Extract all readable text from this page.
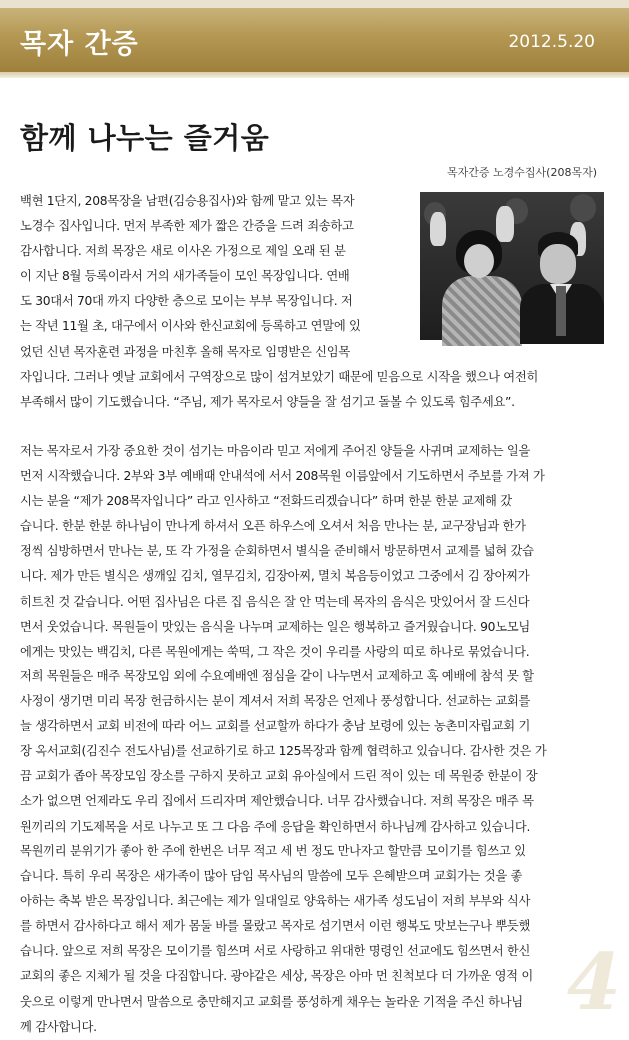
목자 간증	2012.5.20
함께 나누는 즐거움
목자간증 노경수집사(208목자)
백현 1단지, 208목장을 남편(김승용집사)와 함께 맡고 있는 목자
노경수 집사입니다. 먼저 부족한 제가 짧은 간증을 드려 죄송하고
감사합니다. 저희 목장은 새로 이사온 가정으로 제일 오래 된 분
이 지난 8월 등록이라서 거의 새가족들이 모인 목장입니다. 연배
도 30대서 70대 까지 다양한 층으로 모이는 부부 목장입니다. 저
는 작년 11월 초, 대구에서 이사와 한신교회에 등록하고 연말에 있
었던 신년 목자훈련 과정을 마친후 올해 목자로 임명받은 신임목
자입니다. 그러나 옛날 교회에서 구역장으로 많이 섬겨보았기 때문에 믿음으로 시작을 했으나 여전히
부족해서 많이 기도했습니다. “주님, 제가 목자로서 양들을 잘 섬기고 돌볼 수 있도록 힘주세요”.
저는 목자로서 가장 중요한 것이 섬기는 마음이라 믿고 저에게 주어진 양들을 사귀며 교제하는 일을
먼저 시작했습니다. 2부와 3부 예배때 안내석에 서서 208목원 이름앞에서 기도하면서 주보를 가져 가
시는 분을 “제가 208목자입니다” 라고 인사하고 “전화드리겠습니다” 하며 한분 한분 교제해 갔
습니다. 한분 한분 하나님이 만나게 하셔서 오픈 하우스에 오셔서 처음 만나는 분, 교구장님과 한가
정씩 심방하면서 만나는 분, 또 각 가정을 순회하면서 별식을 준비해서 방문하면서 교제를 넓혀 갔습
니다. 제가 만든 별식은 생깨잎 김치, 열무김치, 김장아찌, 멸치 복음등이었고 그중에서 김 장아찌가
히트친 것 같습니다. 어떤 집사님은 다른 집 음식은 잘 안 먹는데 목자의 음식은 맛있어서 잘 드신다
면서 웃었습니다. 목원들이 맛있는 음식을 나누며 교제하는 일은 행복하고 즐거웠습니다. 90노모님
에게는 맛있는 백김치, 다른 목원에게는 쑥떡, 그 작은 것이 우리를 사랑의 띠로 하나로 묶었습니다.
저희 목원들은 매주 목장모임 외에 수요예배엔 점심을 같이 나누면서 교제하고 혹 예배에 참석 못 할
사정이 생기면 미리 목장 헌금하시는 분이 계셔서 저희 목장은 언제나 풍성합니다. 선교하는 교회를
늘 생각하면서 교회 비전에 따라 어느 교회를 선교할까 하다가 충남 보령에 있는 농촌미자립교회 기
장 옥서교회(김진수 전도사님)를 선교하기로 하고 125목장과 함께 협력하고 있습니다. 감사한 것은 가
끔 교회가 좁아 목장모임 장소를 구하지 못하고 교회 유아실에서 드린 적이 있는 데 목원중 한분이 장
소가 없으면 언제라도 우리 집에서 드리자며 제안했습니다. 너무 감사했습니다. 저희 목장은 매주 목
원끼리의 기도제목을 서로 나누고 또 그 다음 주에 응답을 확인하면서 하나님께 감사하고 있습니다.
목원끼리 분위기가 좋아 한 주에 한번은 너무 적고 세 번 정도 만나자고 할만큼 모이기를 힘쓰고 있
습니다. 특히 우리 목장은 새가족이 많아 담임 목사님의 말씀에 모두 은혜받으며 교회가는 것을 좋
아하는 축복 받은 목장입니다. 최근에는 제가 일대일로 양육하는 새가족 성도님이 저희 부부와 식사
를 하면서 감사하다고 해서 제가 몸둘 바를 몰랐고 목자로 섬기면서 이런 행복도 맛보는구나 뿌듯했
습니다. 앞으로 저희 목장은 모이기를 힘쓰며 서로 사랑하고 위대한 명령인 선교에도 힘쓰면서 한신
교회의 좋은 지체가 될 것을 다짐합니다. 광야같은 세상, 목장은 아마 먼 친척보다 더 가까운 영적 이
웃으로 이렇게 만나면서 말씀으로 충만해지고 교회를 풍성하게 채우는 놀라운 기적을 주신 하나님
께 감사합니다.	4
